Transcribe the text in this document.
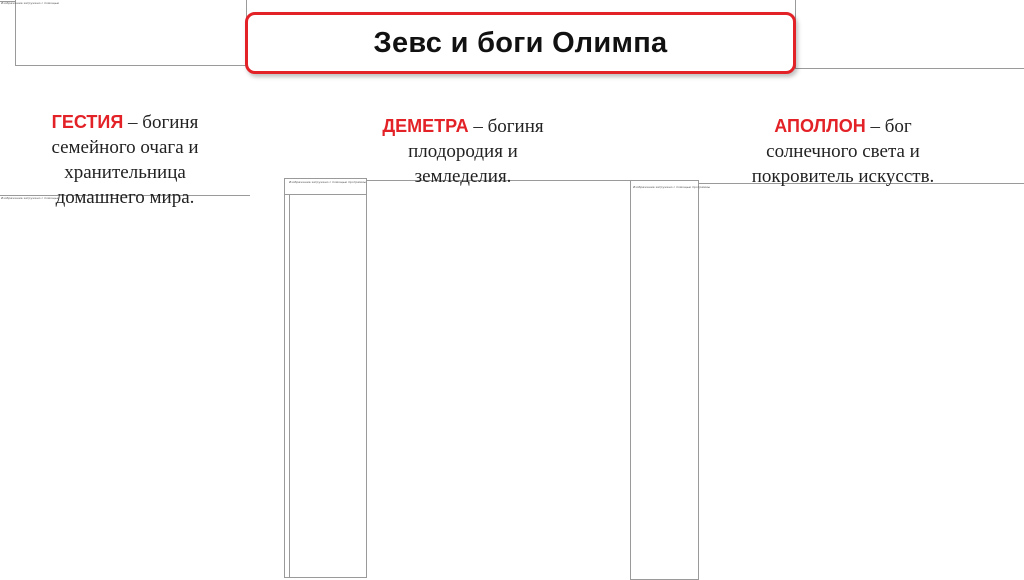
Изображение загружено с помощью
Изображение загружено с помощью
Изображение загружено с помощью программы
Изображение загружено с помощью программы
Зевс и боги Олимпа
ГЕСТИЯ – богиня
семейного очага и
хранительница
домашнего мира.
ДЕМЕТРА – богиня
плодородия и
земледелия.
АПОЛЛОН – бог
солнечного света и
покровитель искусств.
